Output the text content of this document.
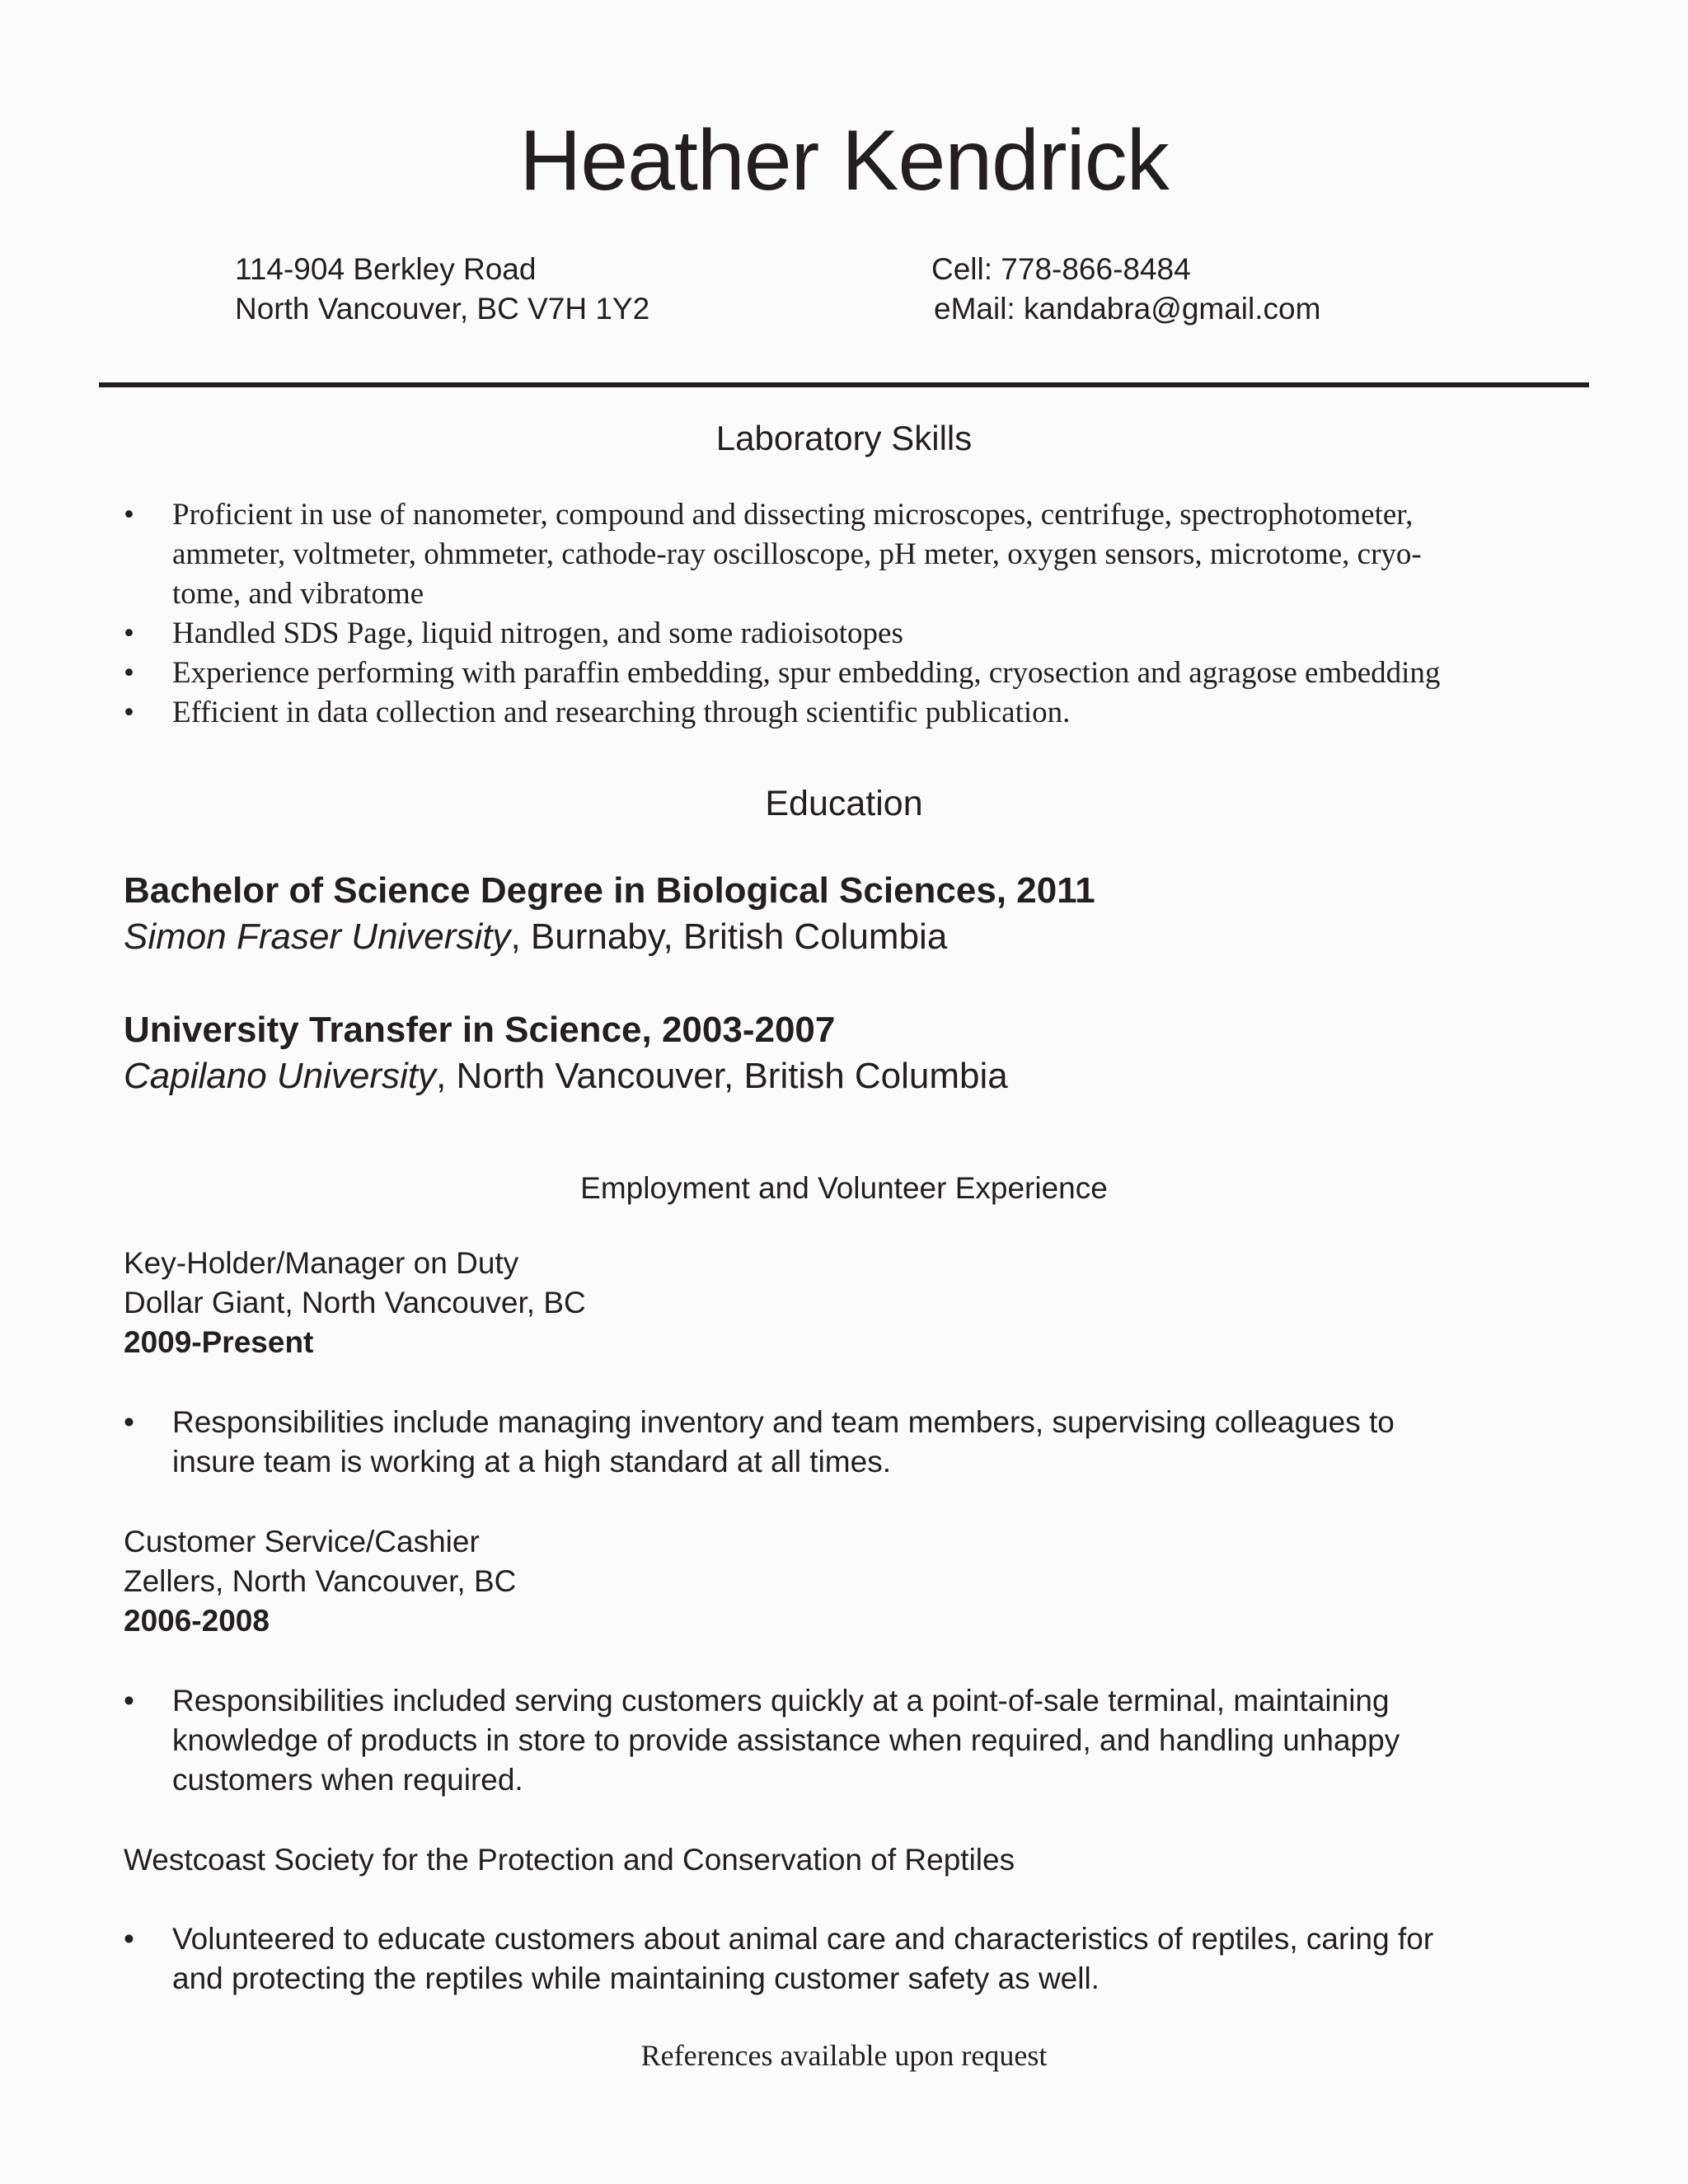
Heather Kendrick
114-904 Berkley Road
North Vancouver, BC V7H 1Y2
Cell: 778-866-8484
eMail: kandabra@gmail.com
Laboratory Skills
• Proficient in use of nanometer, compound and dissecting microscopes, centrifuge, spectrophotometer,
ammeter, voltmeter, ohmmeter, cathode-ray oscilloscope, pH meter, oxygen sensors, microtome, cryo-
tome, and vibratome
• Handled SDS Page, liquid nitrogen, and some radioisotopes
• Experience performing with paraffin embedding, spur embedding, cryosection and agragose embedding
• Efficient in data collection and researching through scientific publication.
Education
Bachelor of Science Degree in Biological Sciences, 2011
Simon Fraser University, Burnaby, British Columbia
University Transfer in Science, 2003-2007
Capilano University, North Vancouver, British Columbia
Employment and Volunteer Experience
Key-Holder/Manager on Duty
Dollar Giant, North Vancouver, BC
2009-Present
• Responsibilities include managing inventory and team members, supervising colleagues to
insure team is working at a high standard at all times.
Customer Service/Cashier
Zellers, North Vancouver, BC
2006-2008
• Responsibilities included serving customers quickly at a point-of-sale terminal, maintaining
knowledge of products in store to provide assistance when required, and handling unhappy
customers when required.
Westcoast Society for the Protection and Conservation of Reptiles
• Volunteered to educate customers about animal care and characteristics of reptiles, caring for
and protecting the reptiles while maintaining customer safety as well.
References available upon request
